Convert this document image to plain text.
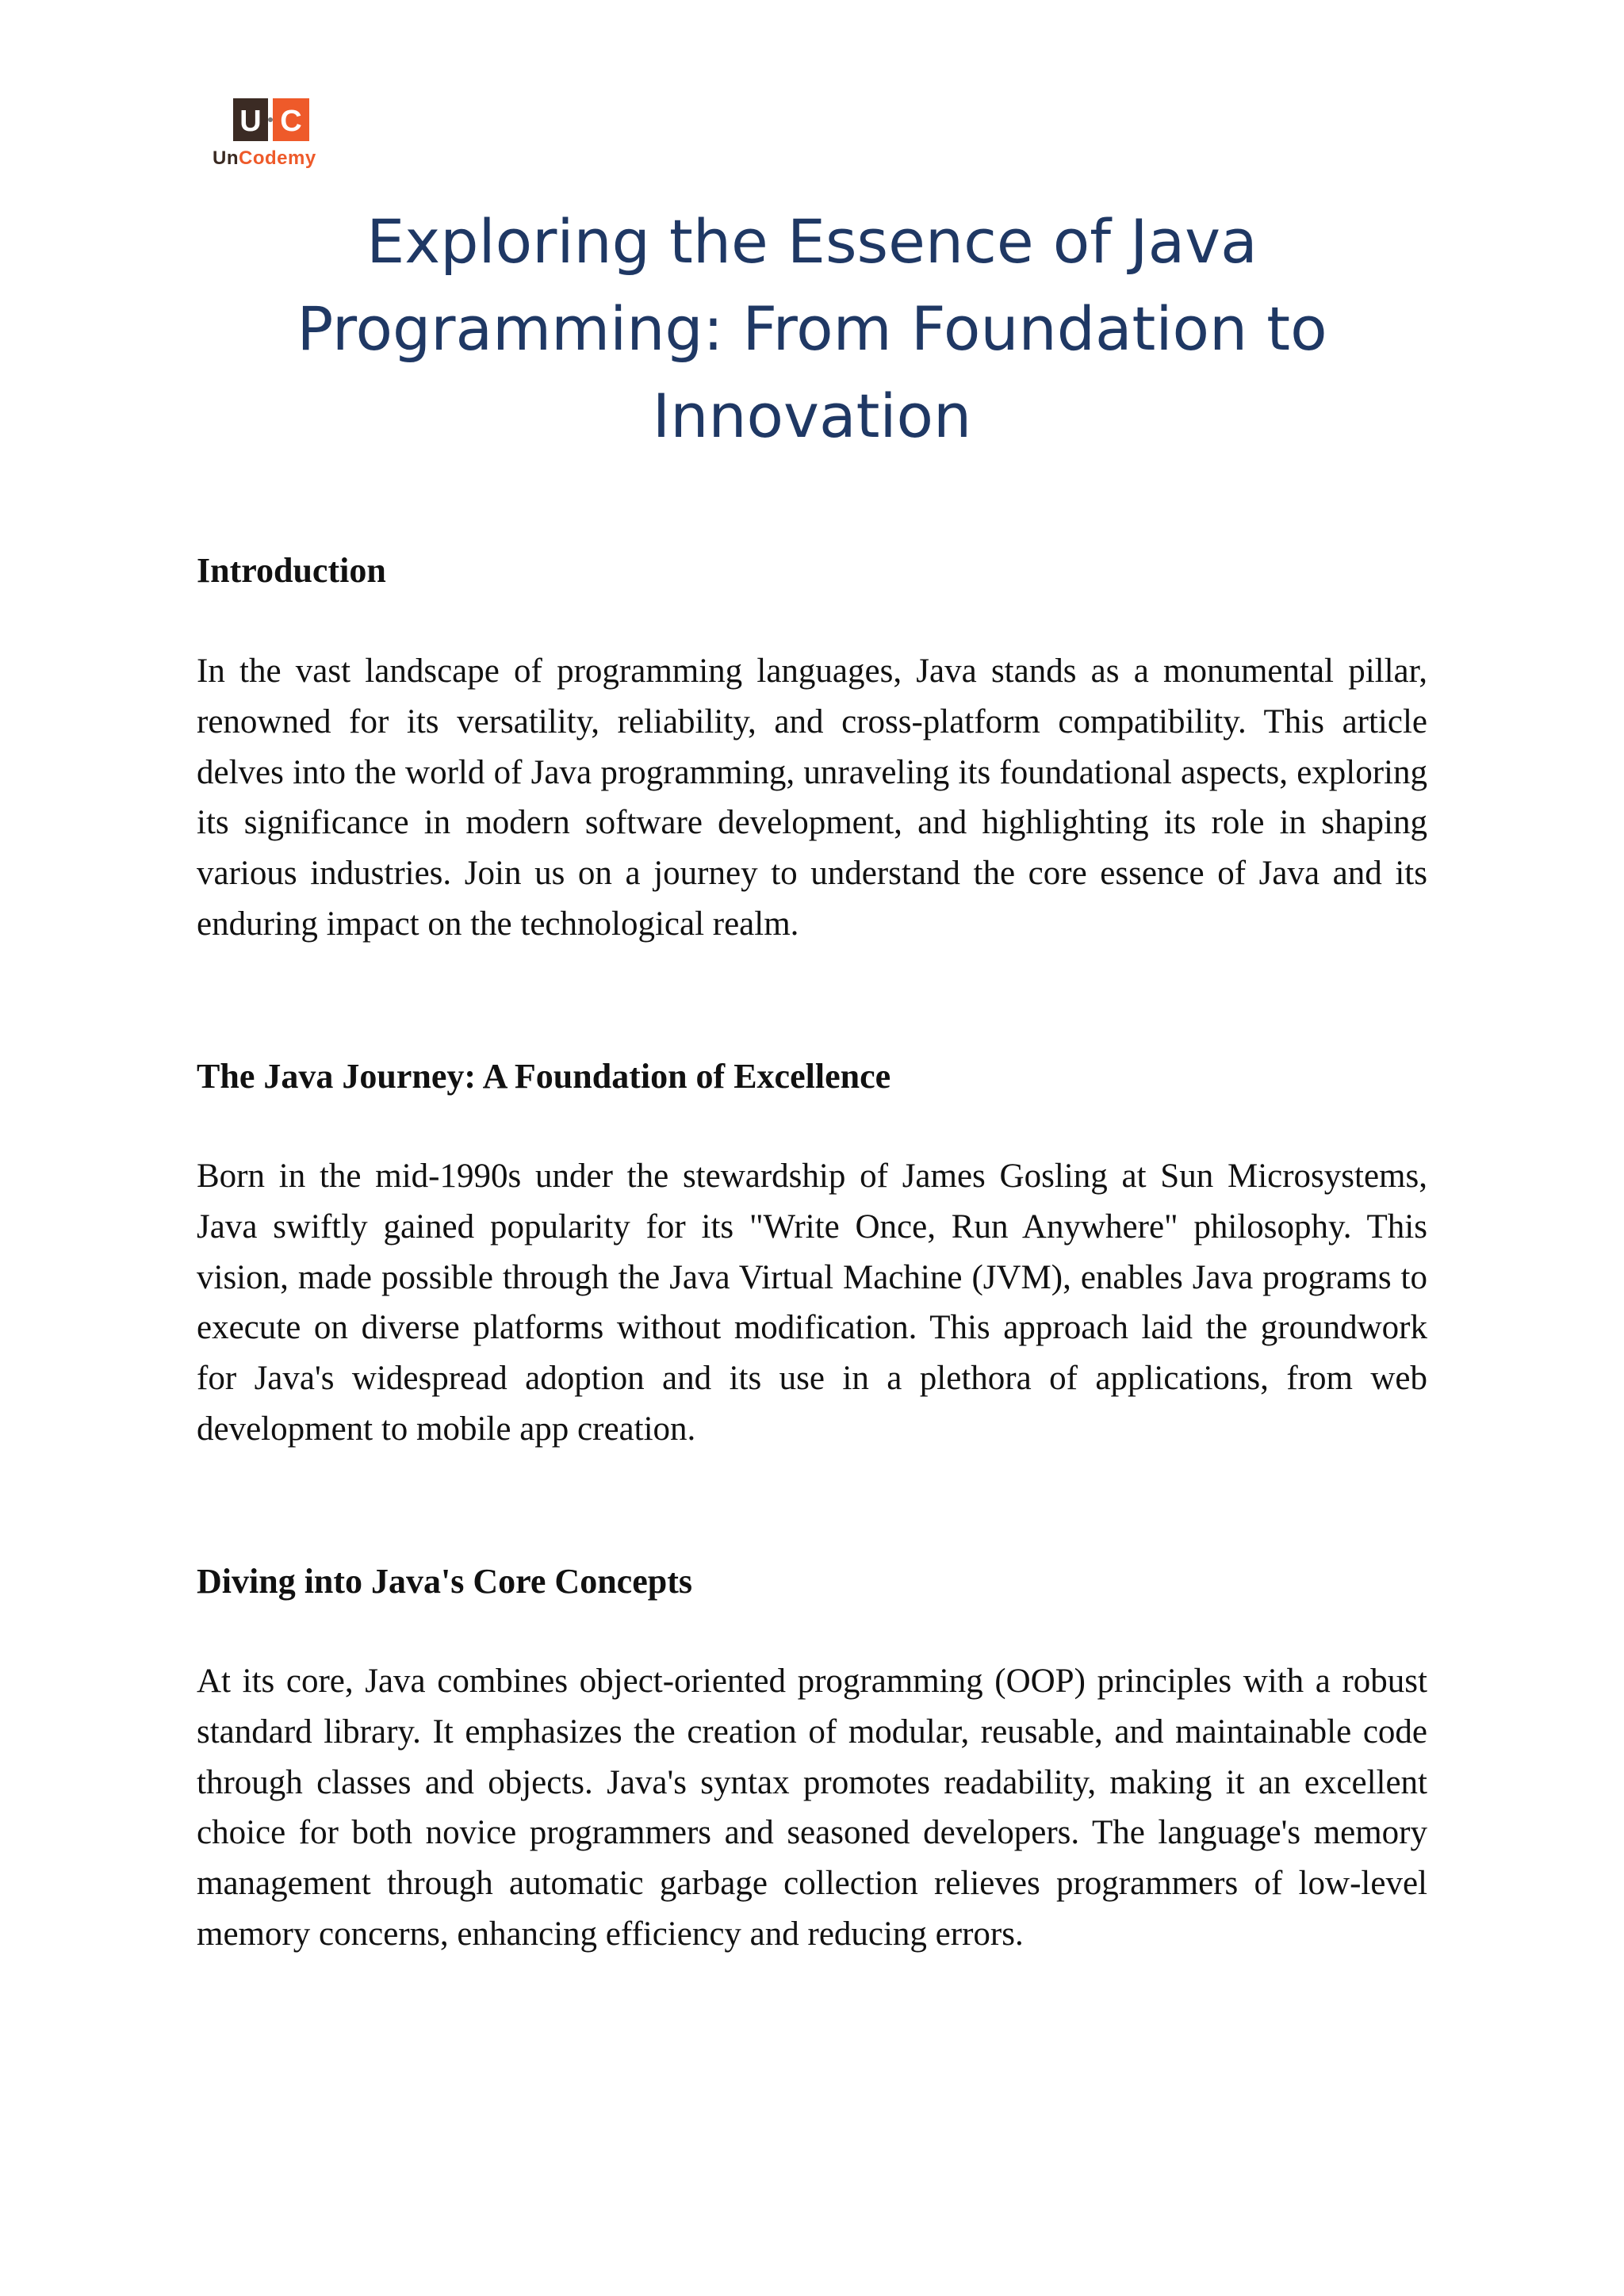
U C
UnCodemy
Exploring the Essence of Java Programming: From Foundation to Innovation
Introduction

In the vast landscape of programming languages, Java stands as a monumental pillar, renowned for its versatility, reliability, and cross-platform compatibility. This article delves into the world of Java programming, unraveling its foundational aspects, exploring its significance in modern software development, and highlighting its role in shaping various industries. Join us on a journey to understand the core essence of Java and its enduring impact on the technological realm.

The Java Journey: A Foundation of Excellence

Born in the mid-1990s under the stewardship of James Gosling at Sun Microsystems, Java swiftly gained popularity for its "Write Once, Run Anywhere" philosophy. This vision, made possible through the Java Virtual Machine (JVM), enables Java programs to execute on diverse platforms without modification. This approach laid the groundwork for Java's widespread adoption and its use in a plethora of applications, from web development to mobile app creation.

Diving into Java's Core Concepts

At its core, Java combines object-oriented programming (OOP) principles with a robust standard library. It emphasizes the creation of modular, reusable, and maintainable code through classes and objects. Java's syntax promotes readability, making it an excellent choice for both novice programmers and seasoned developers. The language's memory management through automatic garbage collection relieves programmers of low-level memory concerns, enhancing efficiency and reducing errors.
